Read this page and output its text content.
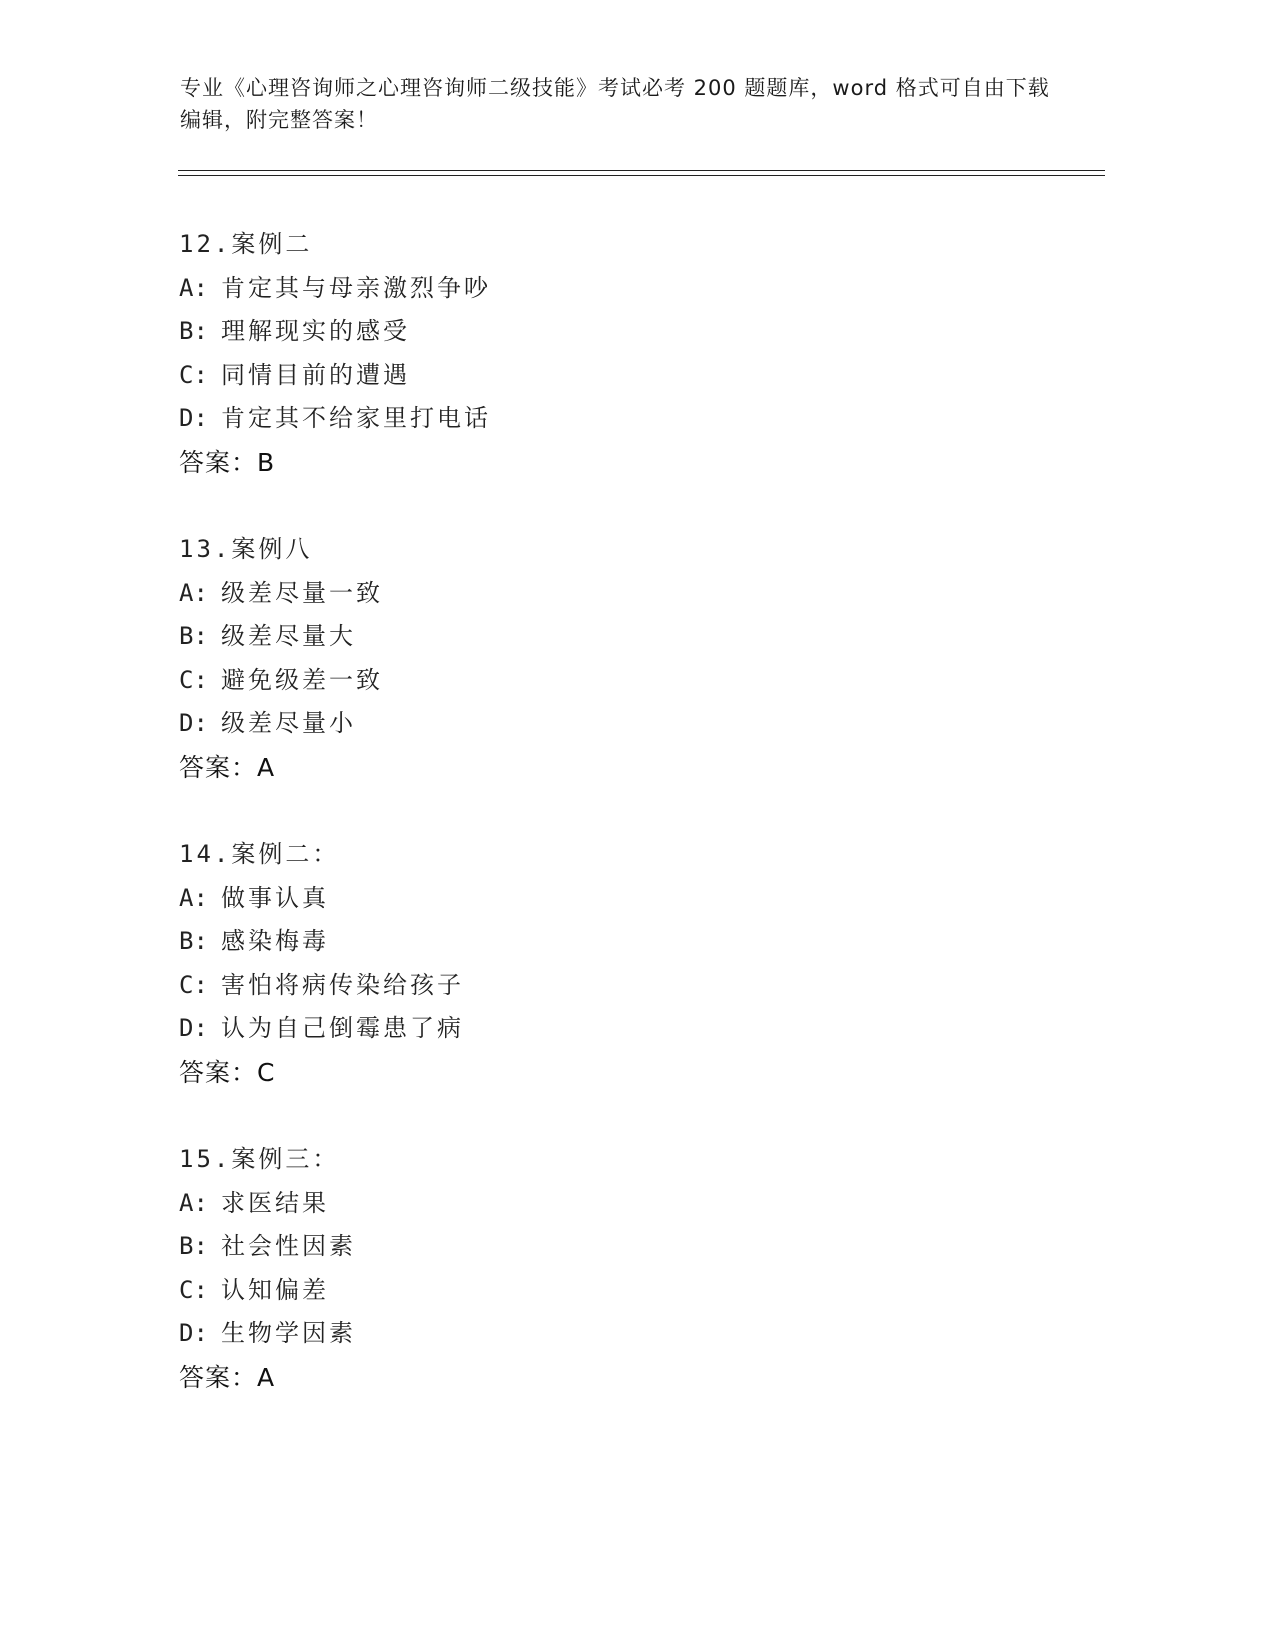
专业《心理咨询师之心理咨询师二级技能》考试必考 200 题题库，word 格式可自由下载编辑，附完整答案！
12.案例二
A: 肯定其与母亲激烈争吵
B: 理解现实的感受
C: 同情目前的遭遇
D: 肯定其不给家里打电话
答案：B
13.案例八
A: 级差尽量一致
B: 级差尽量大
C: 避免级差一致
D: 级差尽量小
答案：A
14.案例二：
A: 做事认真
B: 感染梅毒
C: 害怕将病传染给孩子
D: 认为自己倒霉患了病
答案：C
15.案例三：
A: 求医结果
B: 社会性因素
C: 认知偏差
D: 生物学因素
答案：A
